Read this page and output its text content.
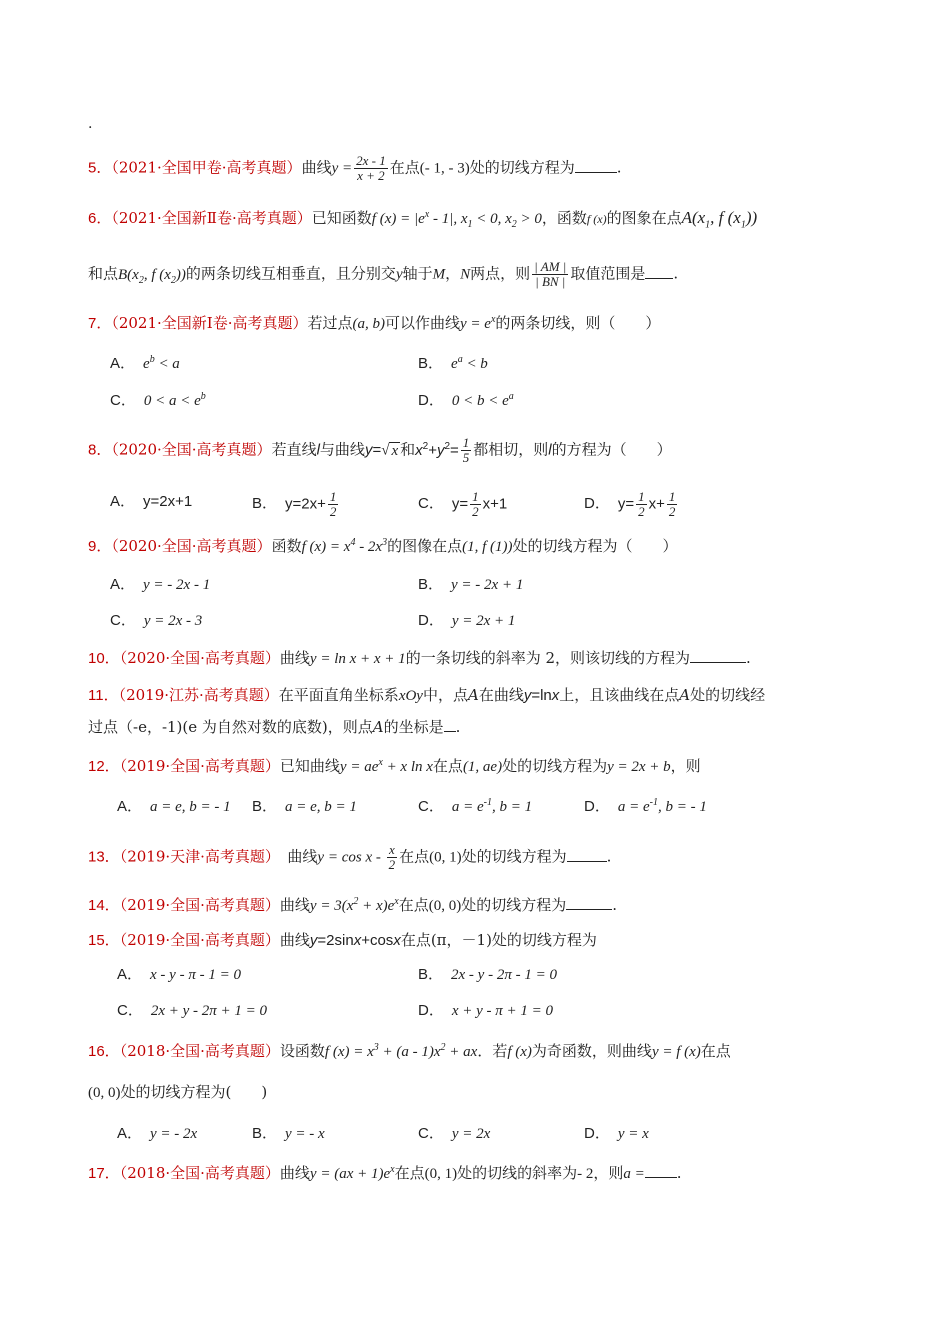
.
5．（2021·全国甲卷·高考真题）曲线$y = \frac{2x - 1}{x + 2}$ 在点(- 1, - 3)处的切线方程为	.
6．（2021·全国新Ⅱ卷·高考真题）已知函数f $(x) = |e^x - 1|$, $x_1 < 0$, $x_2 > 0$，函数f (x)的图象在点$A(x_1$, f $(x_1)$)
和点$B(x_2$, f $(x_2)$)的两条切线互相垂直，且分别交y轴于M，N两点，则 $\frac{| AM |}{| BN |}$ 取值范围是 .
7．（2021·全国新Ⅰ卷·高考真题）若过点(a, b)可以作曲线$y = e^x$的两条切线，则（　　）
A． $e^b < a$	B． $e^a < b$
C． $0 < a < e^b$	D． $0 < b < e^a$
8．（2020·全国·高考真题）若直线l与曲线y=√ x 和$x^2+y^2= \frac{1}{5}$ 都相切，则l的方程为（　　）
A． y=2x+1	B． $y=2x+ \frac{1}{2}$	C． $y= \frac{1}{2} x+1$	D． $y= \frac{1}{2} x+ \frac{1}{2}$
9．（2020·全国·高考真题）函数f $(x) = x^4 - 2x^3$的图像在点(1, f (1))处的切线方程为（　　）
A． y = - 2x - 1	B． y = - 2x + 1
C． y = 2x - 3	D． y = 2x + 1
10．（2020·全国·高考真题）曲线y = ln x + x + 1的一条切线的斜率为 2，则该切线的方程为	.
11．（2019·江苏·高考真题）在平面直角坐标系xOy中，点A在曲线y=lnx上，且该曲线在点A处的切线经
过点（-e，-1)(e 为自然对数的底数)，则点A的坐标是 .
12．（2019·全国·高考真题）已知曲线$y = ae^x + x$ ln x在点(1, ae)处的切线方程为y = 2x + b，则
A． a = e, b = - 1 B． a = e, b = 1	C． $a = e^{-1}$, b = 1	D． $a = e^{-1}$, b = - 1
13．（2019·天津·高考真题）　曲线$y = \cos x - \frac{x}{2}$ 在点(0, 1)处的切线方程为	.
14．（2019·全国·高考真题）曲线$y = 3(x^2 + x)e^x$在点(0, 0)处的切线方程为	.
15．（2019·全国·高考真题）曲线y=2sinx+cosx在点(π，－1)处的切线方程为
A． x - y - π - 1 = 0	B． 2x - y - 2π - 1 = 0
C． 2x + y - 2π + 1 = 0	D． x + y - π + 1 = 0
16．（2018·全国·高考真题）设函数f $(x) = x^3 + (a - 1)x^2$ + ax．若f (x)为奇函数，则曲线y = f (x)在点
(0, 0)处的切线方程为(　　)
A． y = - 2x	B． y = - x	C． y = 2x	D． y = x
17．（2018·全国·高考真题）曲线$y = (ax + 1)e^x$在点(0, 1)处的切线的斜率为- 2，则a = .
